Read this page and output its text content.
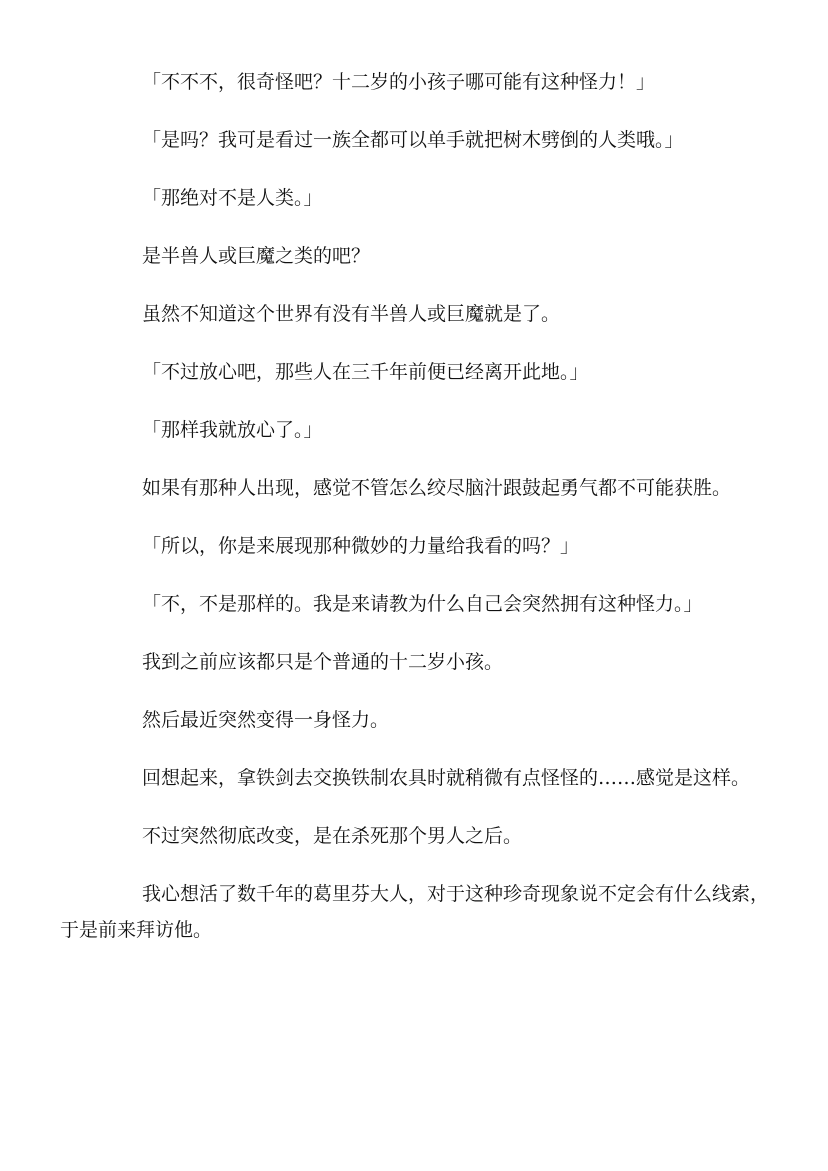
「不不不，很奇怪吧？十二岁的小孩子哪可能有这种怪力！」

「是吗？我可是看过一族全都可以单手就把树木劈倒的人类哦。」

「那绝对不是人类。」

是半兽人或巨魔之类的吧？

虽然不知道这个世界有没有半兽人或巨魔就是了。

「不过放心吧，那些人在三千年前便已经离开此地。」

「那样我就放心了。」

如果有那种人出现，感觉不管怎么绞尽脑汁跟鼓起勇气都不可能获胜。

「所以，你是来展现那种微妙的力量给我看的吗？」

「不，不是那样的。我是来请教为什么自己会突然拥有这种怪力。」

我到之前应该都只是个普通的十二岁小孩。

然后最近突然变得一身怪力。

回想起来，拿铁剑去交换铁制农具时就稍微有点怪怪的……感觉是这样。

不过突然彻底改变，是在杀死那个男人之后。

我心想活了数千年的葛里芬大人，对于这种珍奇现象说不定会有什么线索，于是前来拜访他。
